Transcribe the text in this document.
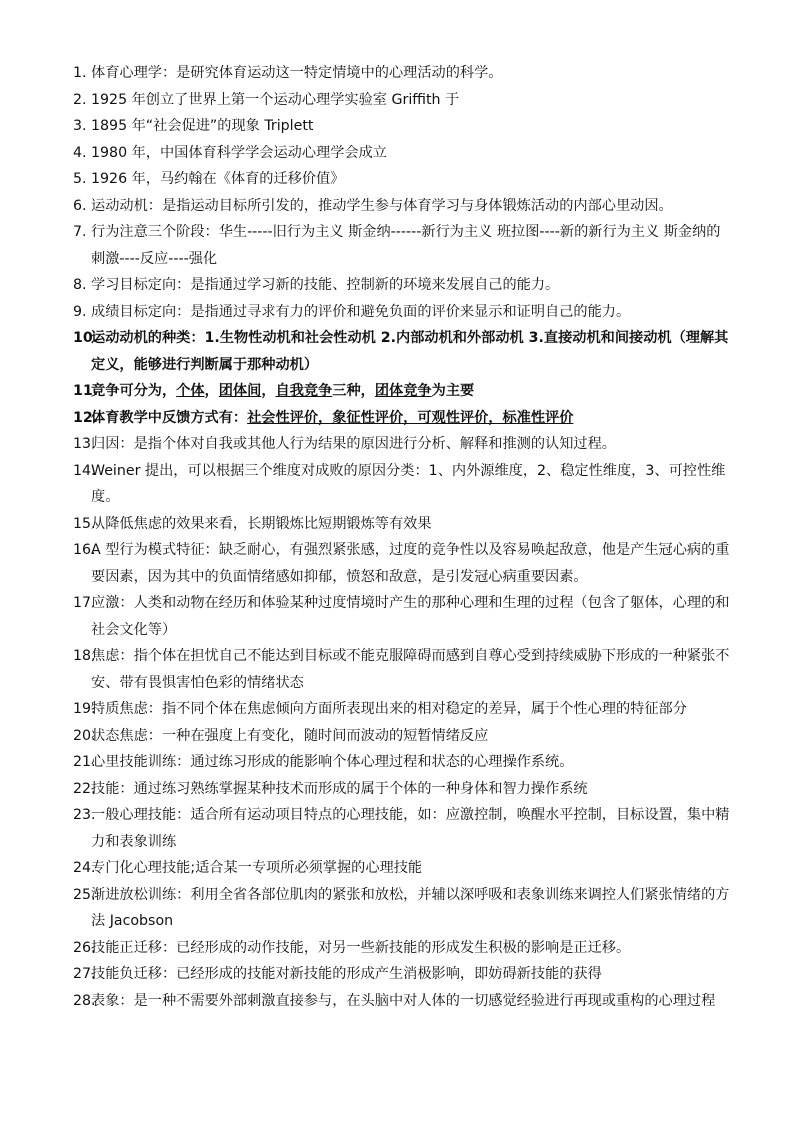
1. 体育心理学：是研究体育运动这一特定情境中的心理活动的科学。
2. 1925 年创立了世界上第一个运动心理学实验室 Griffith 于
3. 1895 年“社会促进”的现象 Triplett
4. 1980 年，中国体育科学学会运动心理学会成立
5. 1926 年，马约翰在《体育的迁移价值》
6. 运动动机：是指运动目标所引发的，推动学生参与体育学习与身体锻炼活动的内部心里动因。
7. 行为注意三个阶段：华生-----旧行为主义 斯金纳------新行为主义 班拉图----新的新行为主义 斯金纳的 刺激----反应----强化
8. 学习目标定向：是指通过学习新的技能、控制新的环境来发展自己的能力。
9. 成绩目标定向：是指通过寻求有力的评价和避免负面的评价来显示和证明自己的能力。
10.
运动动机的种类：1.生物性动机和社会性动机 2.内部动机和外部动机 3.直接动机和间接动机（理解其定义，能够进行判断属于那种动机）
11.
竞争可分为，个体，团体间，自我竞争三种，团体竞争为主要
12.
体育教学中反馈方式有：社会性评价，象征性评价，可观性评价，标准性评价
13.
归因：是指个体对自我或其他人行为结果的原因进行分析、解释和推测的认知过程。
14.
Weiner 提出，可以根据三个维度对成败的原因分类：1、内外源维度，2、稳定性维度，3、可控性维度。
15.
从降低焦虑的效果来看，长期锻炼比短期锻炼等有效果
16.
A 型行为模式特征：缺乏耐心，有强烈紧张感，过度的竞争性以及容易唤起敌意，他是产生冠心病的重要因素，因为其中的负面情绪感如抑郁，愤怒和敌意，是引发冠心病重要因素。
17.
应激：人类和动物在经历和体验某种过度情境时产生的那种心理和生理的过程（包含了躯体，心理的和社会文化等）
18.
焦虑：指个体在担忧自己不能达到目标或不能克服障碍而感到自尊心受到持续威胁下形成的一种紧张不安、带有畏惧害怕色彩的情绪状态
19.
特质焦虑：指不同个体在焦虑倾向方面所表现出来的相对稳定的差异，属于个性心理的特征部分
20.
状态焦虑：一种在强度上有变化，随时间而波动的短暂情绪反应
21.
心里技能训练：通过练习形成的能影响个体心理过程和状态的心理操作系统。
22.
技能：通过练习熟练掌握某种技术而形成的属于个体的一种身体和智力操作系统
23.
一般心理技能：适合所有运动项目特点的心理技能，如：应激控制，唤醒水平控制，目标设置，集中精力和表象训练
24.
专门化心理技能;适合某一专项所必须掌握的心理技能
25.
渐进放松训练：利用全省各部位肌肉的紧张和放松，并辅以深呼吸和表象训练来调控人们紧张情绪的方法 Jacobson
26.
技能正迁移：已经形成的动作技能，对另一些新技能的形成发生积极的影响是正迁移。
27.
技能负迁移：已经形成的技能对新技能的形成产生消极影响，即妨碍新技能的获得
28.
表象：是一种不需要外部刺激直接参与，在头脑中对人体的一切感觉经验进行再现或重构的心理过程
